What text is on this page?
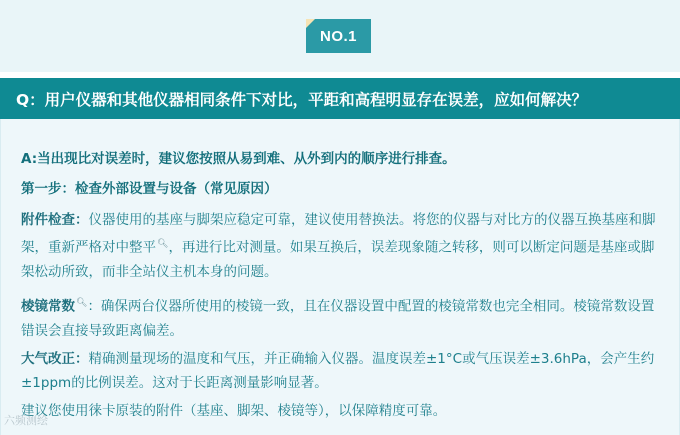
NO.1
Q：用户仪器和其他仪器相同条件下对比，平距和高程明显存在误差，应如何解决？

A:当出现比对误差时，建议您按照从易到难、从外到内的顺序进行排查。

第一步：检查外部设置与设备（常见原因）

附件检查：仪器使用的基座与脚架应稳定可靠，建议使用替换法。将您的仪器与对比方的仪器互换基座和脚架，重新严格对中整平🔍︎，再进行比对测量。如果互换后，误差现象随之转移，则可以断定问题是基座或脚架松动所致，而非全站仪主机本身的问题。

棱镜常数🔍︎：确保两台仪器所使用的棱镜一致，且在仪器设置中配置的棱镜常数也完全相同。棱镜常数设置错误会直接导致距离偏差。

大气改正：精确测量现场的温度和气压，并正确输入仪器。温度误差±1°C或气压误差±3.6hPa，会产生约±1ppm的比例误差。这对于长距离测量影响显著。

建议您使用徕卡原装的附件（基座、脚架、棱镜等），以保障精度可靠。

六频测绘
